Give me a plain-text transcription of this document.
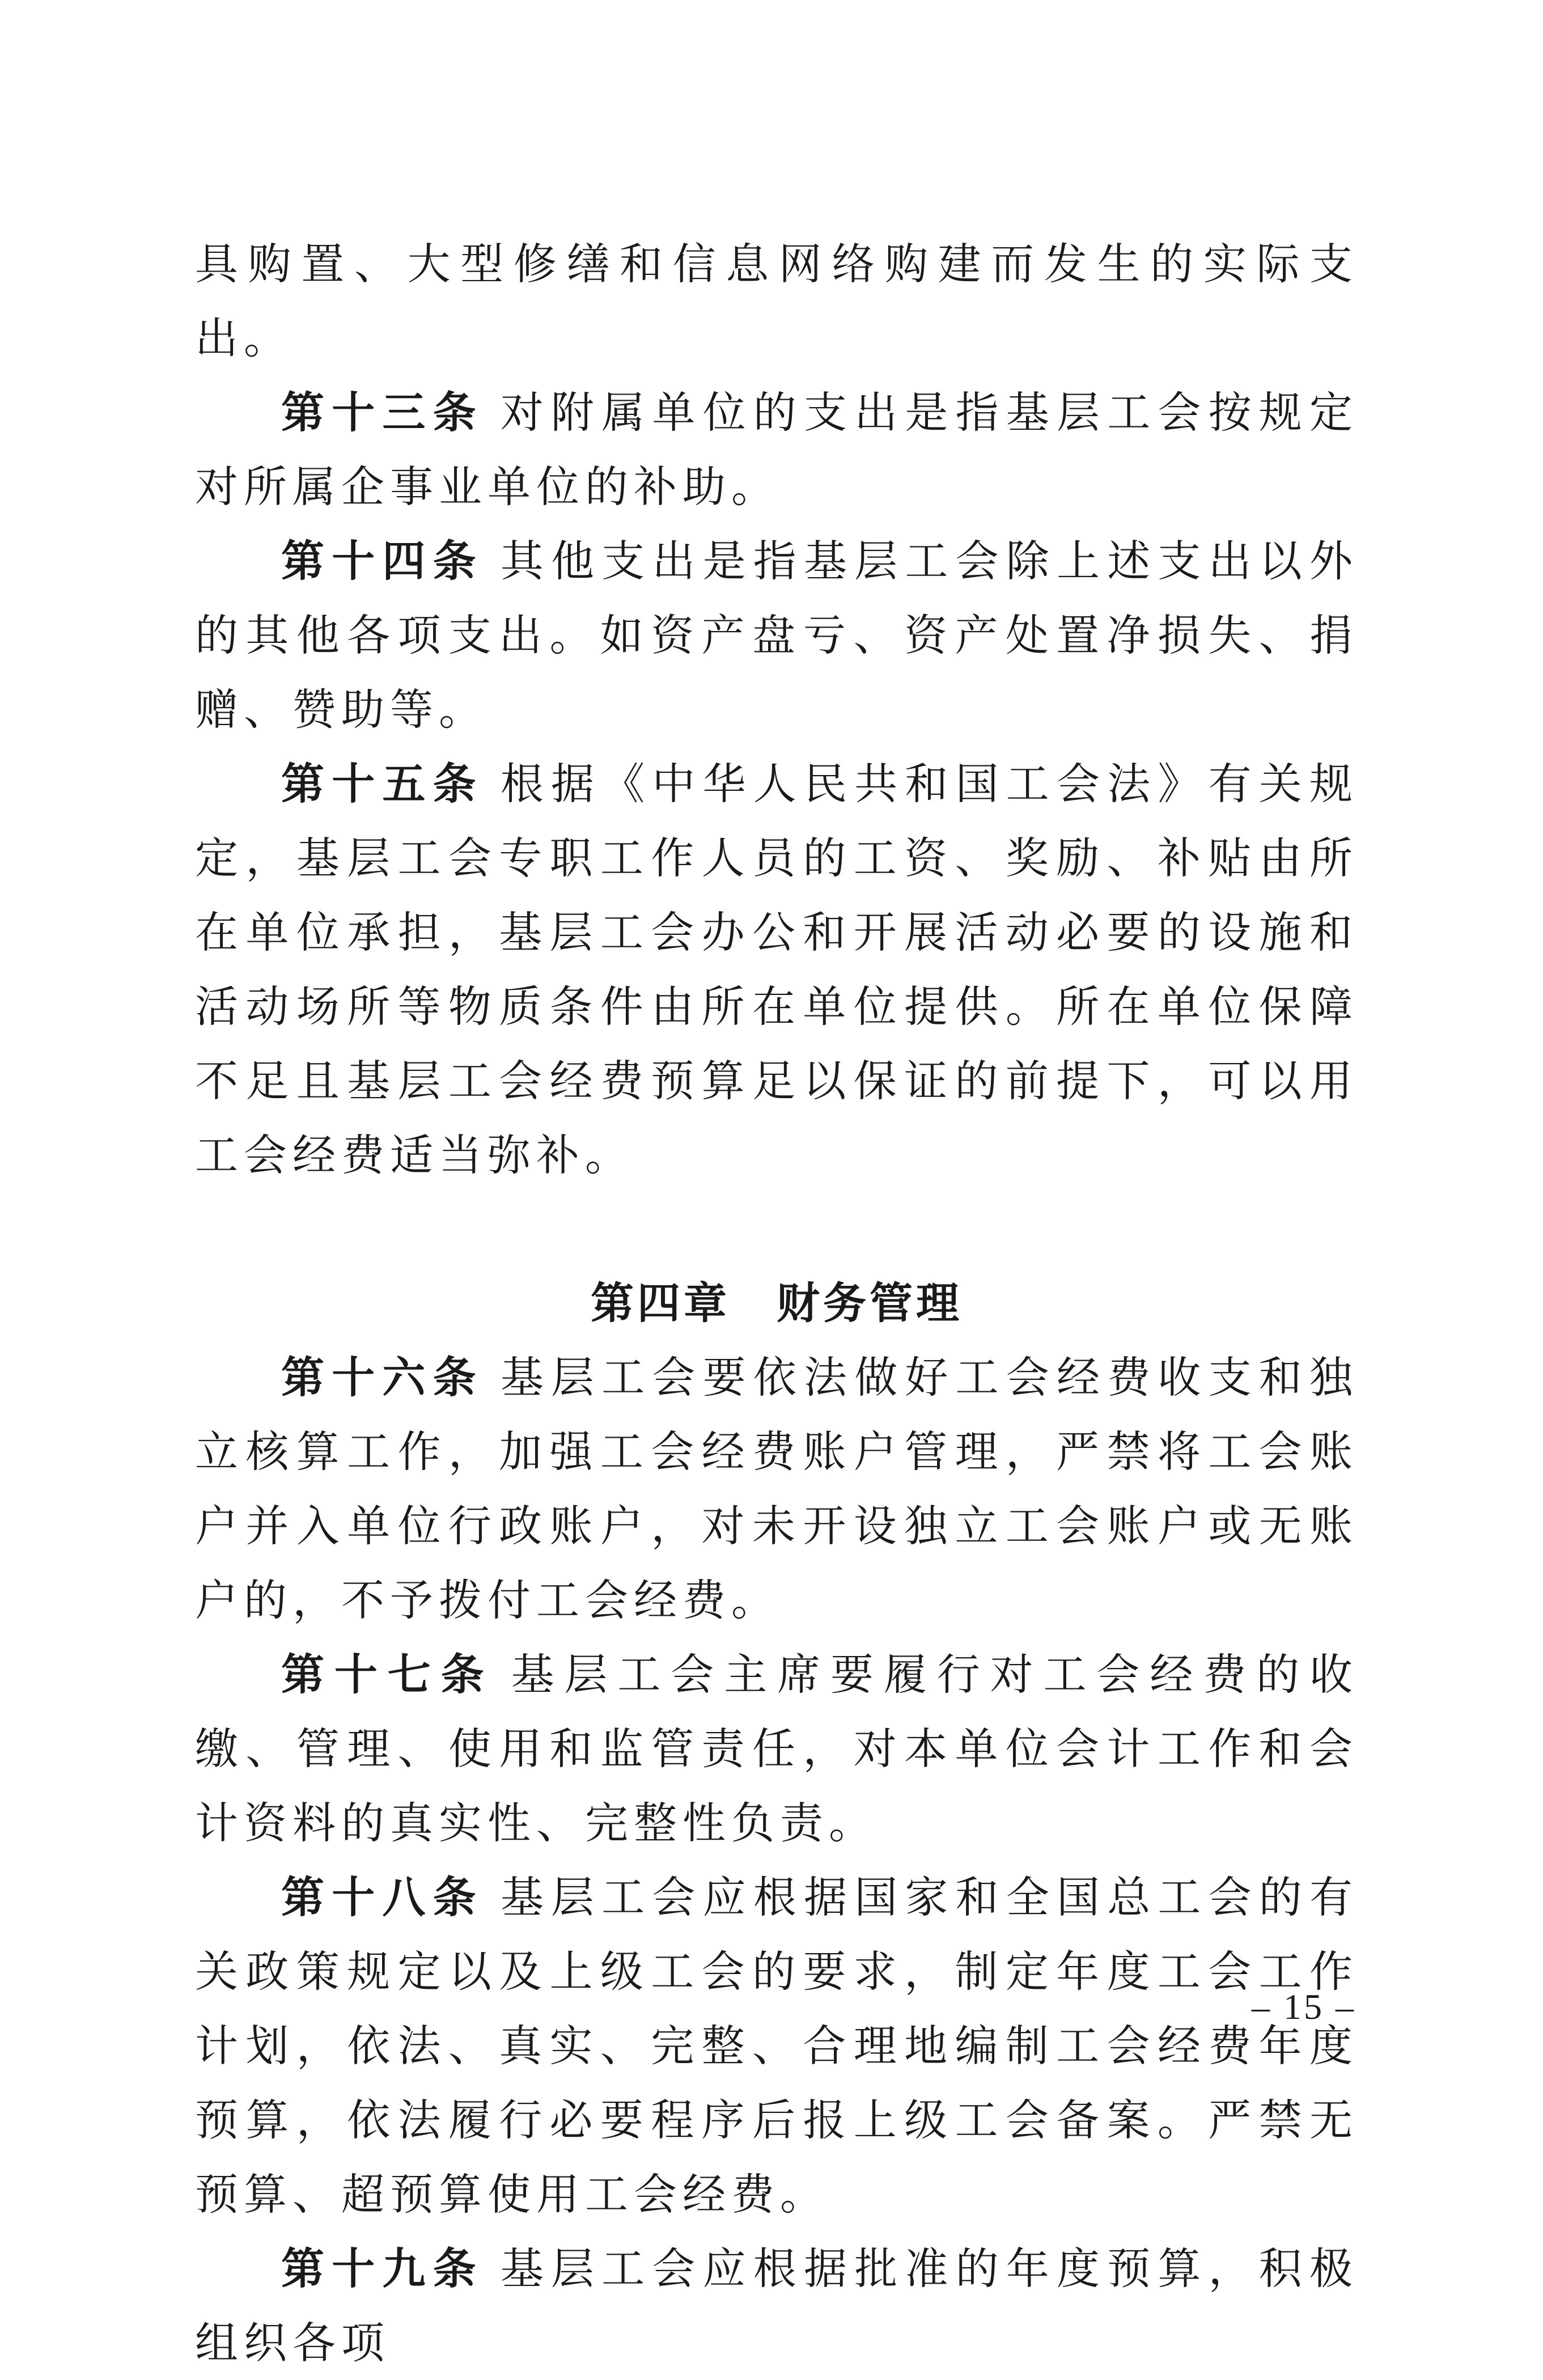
具购置、大型修缮和信息网络购建而发生的实际支出。

第十三条 对附属单位的支出是指基层工会按规定对所属企事业单位的补助。

第十四条 其他支出是指基层工会除上述支出以外的其他各项支出。如资产盘亏、资产处置净损失、捐赠、赞助等。

第十五条 根据《中华人民共和国工会法》有关规定，基层工会专职工作人员的工资、奖励、补贴由所在单位承担，基层工会办公和开展活动必要的设施和活动场所等物质条件由所在单位提供。所在单位保障不足且基层工会经费预算足以保证的前提下，可以用工会经费适当弥补。

第四章　财务管理

第十六条 基层工会要依法做好工会经费收支和独立核算工作，加强工会经费账户管理，严禁将工会账户并入单位行政账户，对未开设独立工会账户或无账户的，不予拨付工会经费。

第十七条 基层工会主席要履行对工会经费的收缴、管理、使用和监管责任，对本单位会计工作和会计资料的真实性、完整性负责。

第十八条 基层工会应根据国家和全国总工会的有关政策规定以及上级工会的要求，制定年度工会工作计划，依法、真实、完整、合理地编制工会经费年度预算，依法履行必要程序后报上级工会备案。严禁无预算、超预算使用工会经费。

第十九条 基层工会应根据批准的年度预算，积极组织各项

– 15 –
